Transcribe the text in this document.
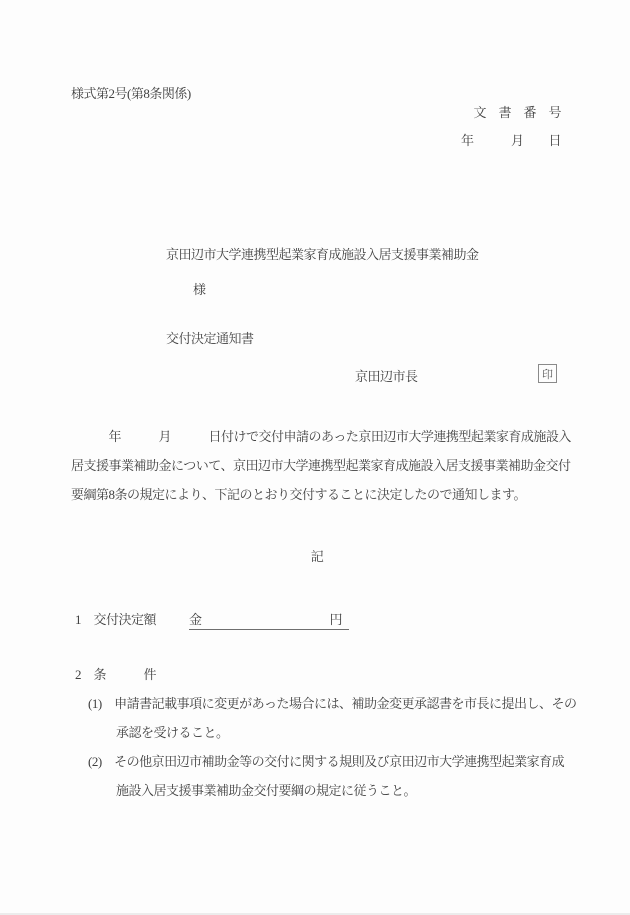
様式第2号(第8条関係)
文　書　番　号
年　　　月　　日

京田辺市大学連携型起業家育成施設入居支援事業補助金

交付決定通知書

様
京田辺市長	印
　　　年　　　月　　　日付けで交付申請のあった京田辺市大学連携型起業家育成施設入
居支援事業補助金について、京田辺市大学連携型起業家育成施設入居支援事業補助金交付
要綱第8条の規定により、下記のとおり交付することに決定したので通知します。
記
1　交付決定額	金	円
2　条　　　件
(1)　申請書記載事項に変更があった場合には、補助金変更承認書を市長に提出し、その
承認を受けること。
(2)　その他京田辺市補助金等の交付に関する規則及び京田辺市大学連携型起業家育成
施設入居支援事業補助金交付要綱の規定に従うこと。
